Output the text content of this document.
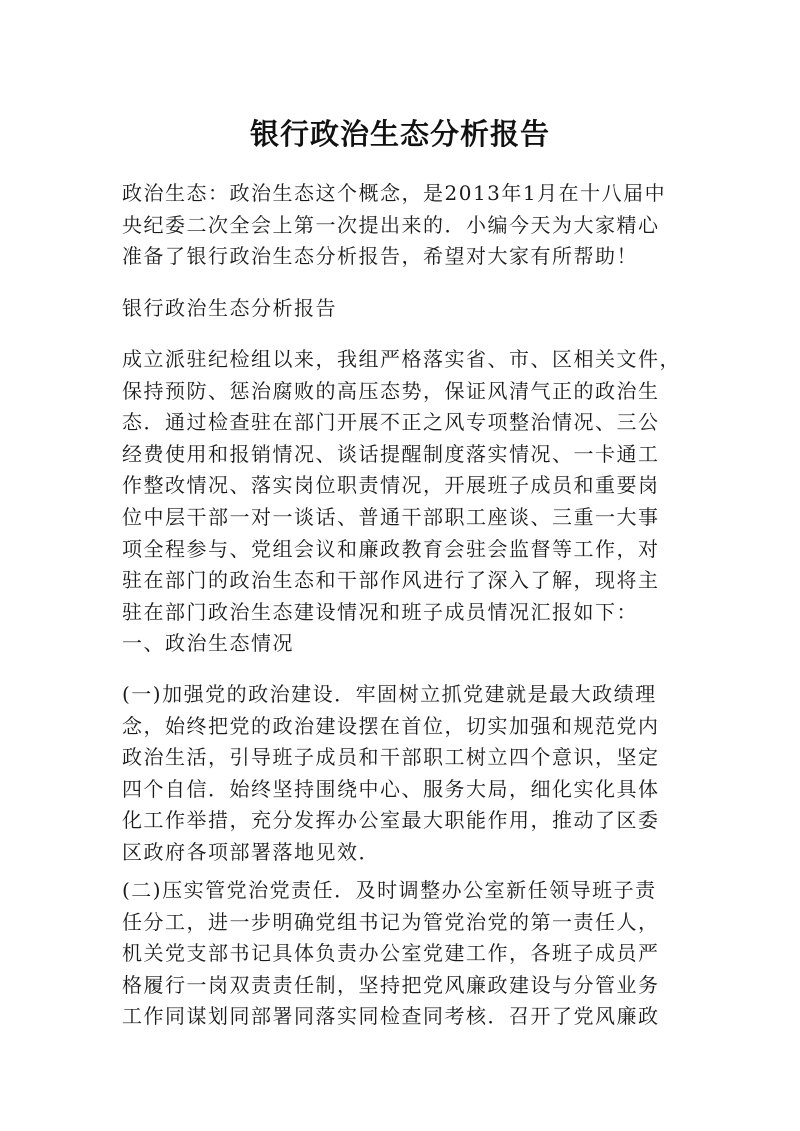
银行政治生态分析报告

政治生态：政治生态这个概念，是2013年1月在十八届中
央纪委二次全会上第一次提出来的．小编今天为大家精心
准备了银行政治生态分析报告，希望对大家有所帮助！

银行政治生态分析报告

成立派驻纪检组以来，我组严格落实省、市、区相关文件，
保持预防、惩治腐败的高压态势，保证风清气正的政治生
态．通过检查驻在部门开展不正之风专项整治情况、三公
经费使用和报销情况、谈话提醒制度落实情况、一卡通工
作整改情况、落实岗位职责情况，开展班子成员和重要岗
位中层干部一对一谈话、普通干部职工座谈、三重一大事
项全程参与、党组会议和廉政教育会驻会监督等工作，对
驻在部门的政治生态和干部作风进行了深入了解，现将主
驻在部门政治生态建设情况和班子成员情况汇报如下：

一、政治生态情况

(一)加强党的政治建设．牢固树立抓党建就是最大政绩理
念，始终把党的政治建设摆在首位，切实加强和规范党内
政治生活，引导班子成员和干部职工树立四个意识，坚定
四个自信．始终坚持围绕中心、服务大局，细化实化具体
化工作举措，充分发挥办公室最大职能作用，推动了区委
区政府各项部署落地见效．

(二)压实管党治党责任．及时调整办公室新任领导班子责
任分工，进一步明确党组书记为管党治党的第一责任人，
机关党支部书记具体负责办公室党建工作，各班子成员严
格履行一岗双责责任制，坚持把党风廉政建设与分管业务
工作同谋划同部署同落实同检查同考核．召开了党风廉政
